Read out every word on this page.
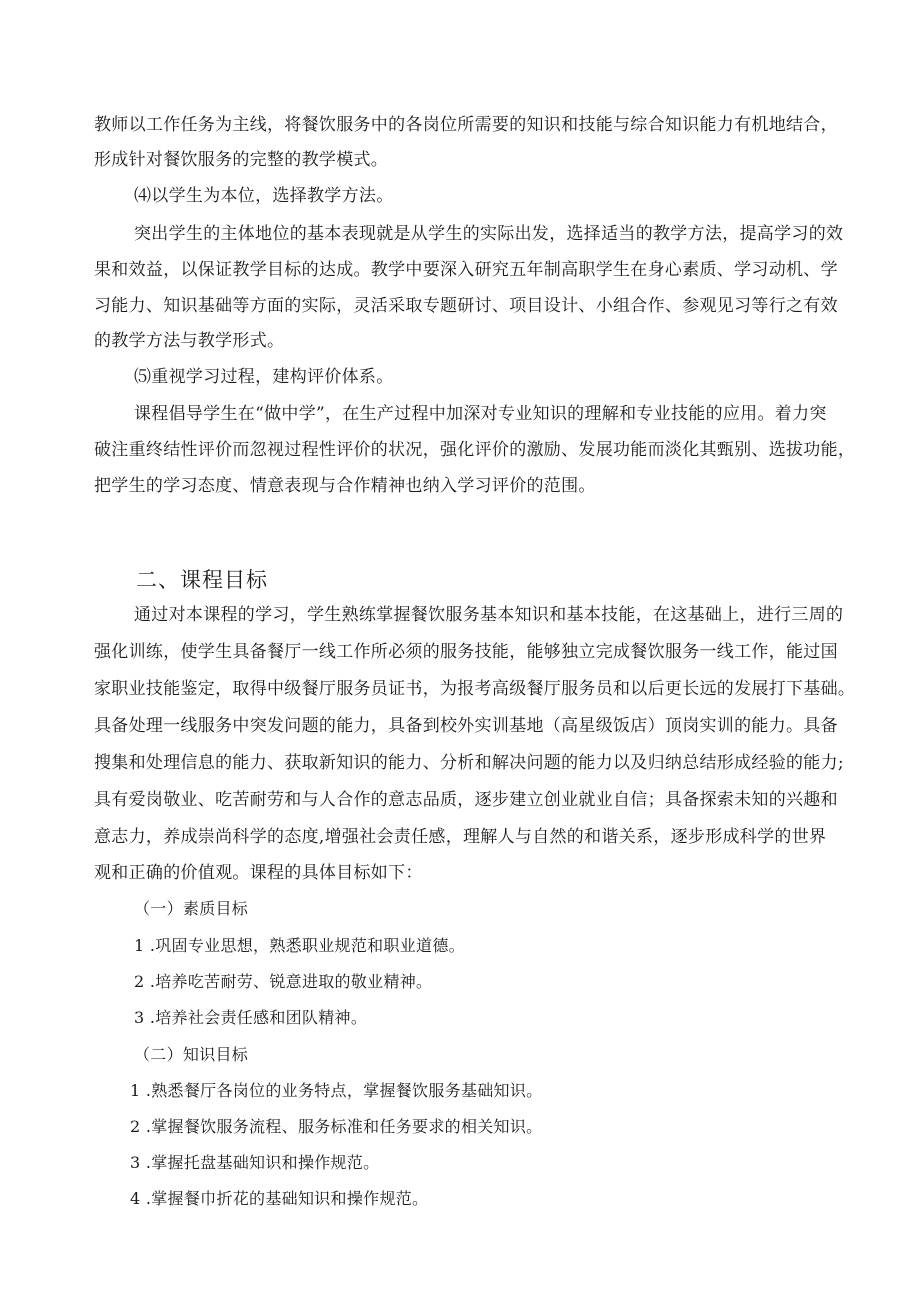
教师以工作任务为主线，将餐饮服务中的各岗位所需要的知识和技能与综合知识能力有机地结合，
形成针对餐饮服务的完整的教学模式。
⑷以学生为本位，选择教学方法。
突出学生的主体地位的基本表现就是从学生的实际出发，选择适当的教学方法，提高学习的效
果和效益，以保证教学目标的达成。教学中要深入研究五年制高职学生在身心素质、学习动机、学
习能力、知识基础等方面的实际，灵活采取专题研讨、项目设计、小组合作、参观见习等行之有效
的教学方法与教学形式。
⑸重视学习过程，建构评价体系。
课程倡导学生在“做中学”，在生产过程中加深对专业知识的理解和专业技能的应用。着力突
破注重终结性评价而忽视过程性评价的状况，强化评价的激励、发展功能而淡化其甄别、选拔功能，
把学生的学习态度、情意表现与合作精神也纳入学习评价的范围。
二、课程目标
通过对本课程的学习，学生熟练掌握餐饮服务基本知识和基本技能，在这基础上，进行三周的
强化训练，使学生具备餐厅一线工作所必须的服务技能，能够独立完成餐饮服务一线工作，能过国
家职业技能鉴定，取得中级餐厅服务员证书，为报考高级餐厅服务员和以后更长远的发展打下基础。
具备处理一线服务中突发问题的能力，具备到校外实训基地（高星级饭店）顶岗实训的能力。具备
搜集和处理信息的能力、获取新知识的能力、分析和解决问题的能力以及归纳总结形成经验的能力;
具有爱岗敬业、吃苦耐劳和与人合作的意志品质，逐步建立创业就业自信；具备探索未知的兴趣和
意志力，养成崇尚科学的态度,增强社会责任感，理解人与自然的和谐关系，逐步形成科学的世界
观和正确的价值观。课程的具体目标如下：
（一）素质目标
1 .巩固专业思想，熟悉职业规范和职业道德。
2 .培养吃苦耐劳、锐意进取的敬业精神。
3 .培养社会责任感和团队精神。
（二）知识目标
1 .熟悉餐厅各岗位的业务特点，掌握餐饮服务基础知识。
2 .掌握餐饮服务流程、服务标准和任务要求的相关知识。
3 .掌握托盘基础知识和操作规范。
4 .掌握餐巾折花的基础知识和操作规范。
